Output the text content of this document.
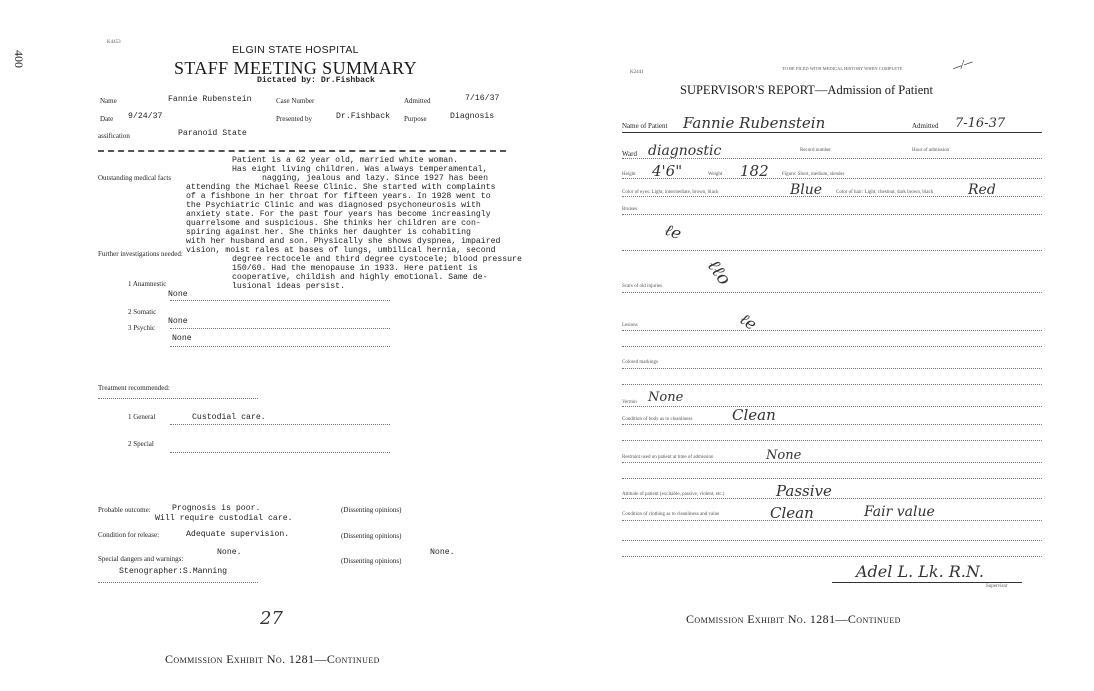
400
K4453
ELGIN STATE HOSPITAL
STAFF MEETING SUMMARY
Dictated by: Dr.Fishback
Name	Fannie Rubenstein	Case Number	Admitted	7/16/37
Date 9/24/37	Presented by	Dr.Fishback Purpose	Diagnosis
assification	Paranoid State
Outstanding medical facts
Patient is a 62 year old, married white woman.
Has eight living children. Was always temperamental,
nagging, jealous and lazy. Since 1927 has been
attending the Michael Reese Clinic. She started with complaints
of a fishbone in her throat for fifteen years. In 1928 went to
the Psychiatric Clinic and was diagnosed psychoneurosis with
anxiety state. For the past four years has become increasingly
quarrelsome and suspicious. She thinks her children are con-
spiring against her. She thinks her daughter is cohabiting
with her husband and son. Physically she shows dyspnea, impaired
vision, moist rales at bases of lungs, umbilical hernia, second
degree rectocele and third degree cystocele; blood pressure
150/60. Had the menopause in 1933. Here patient is
cooperative, childish and highly emotional. Same de-
lusional ideas persist.
Further investigations needed:
1 Anamnestic
None
2 Somatic
None
3 Psychic
None
Treatment recommended:
1 General	Custodial care.
2 Special
Probable outcome:	Prognosis is poor.
Will require custodial care.
(Dissenting opinions)
Condition for release:	Adequate supervision.	(Dissenting opinions)
Special dangers and warnings:
None.
(Dissenting opinions)
None.
Stenographer:S.Manning
27
Commission Exhibit No. 1281—Continued
K2441
TO BE FILED WITH MEDICAL HISTORY WHEN COMPLETE	—⁄—
SUPERVISOR'S REPORT—Admission of Patient
Name of Patient Fannie Rubenstein	Admitted 7-16-37
Ward diagnostic	Record number	Hour of admission
Height 4'6"	Weight 182	Figure: Short, medium, slender
Color of eyes: Light, intermediate, brown, black	Blue	Color of hair: Light, chestnut, dark brown, black Red
Bruises
ℓe
ℓℓo
ℓe
Scars of old injuries
Lesions
Colored markings
Vermin None
Condition of body as to cleanliness	Clean
Restraint used on patient at time of admission	None
Attitude of patient (excitable, passive, violent, etc.)	Passive
Condition of clothing as to cleanliness and value	Clean	Fair value
Adel L. Lk. R.N.
Supervisor
Commission Exhibit No. 1281—Continued
